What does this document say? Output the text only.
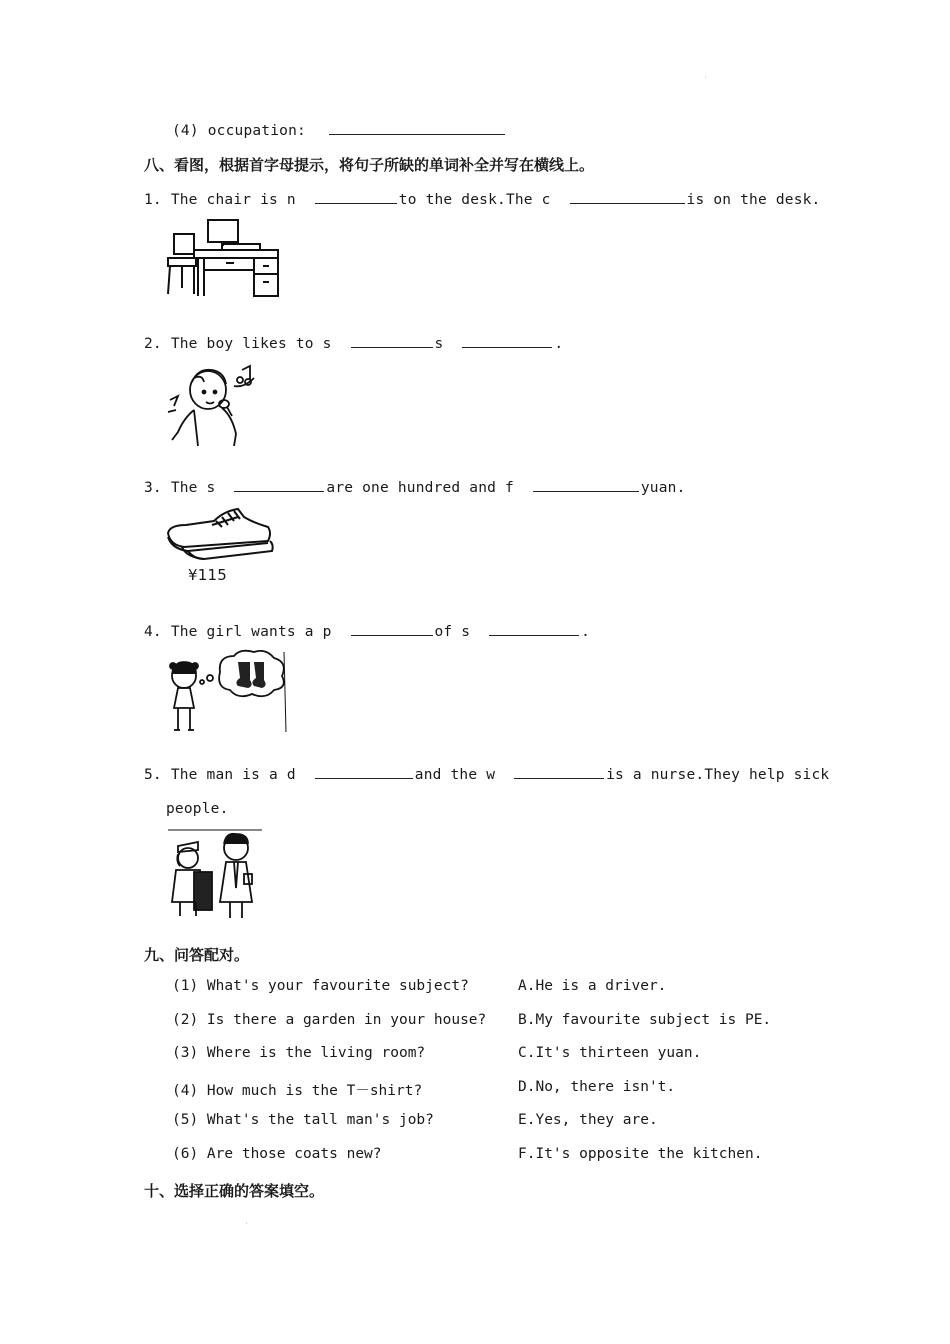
˙
(4) occupation:
八、看图，根据首字母提示，将句子所缺的单词补全并写在横线上。
1. The chair is n	to the desk.The c	is on the desk.
2. The boy likes to s	s	.
3. The s	are one hundred and f	yuan.
¥115
4. The girl wants a p	of s	.
5. The man is a d	and the w	is a nurse.They help sick
people.
九、问答配对。
(1) What's your favourite subject?	A.He is a driver.
(2) Is there a garden in your house? B.My favourite subject is PE.
(3) Where is the living room?	C.It's thirteen yuan.
(4) How much is the T－shirt?	D.No, there isn't.
(5) What's the tall man's job?	E.Yes, they are.
(6) Are those coats new?	F.It's opposite the kitchen.
十、选择正确的答案填空。
˙
